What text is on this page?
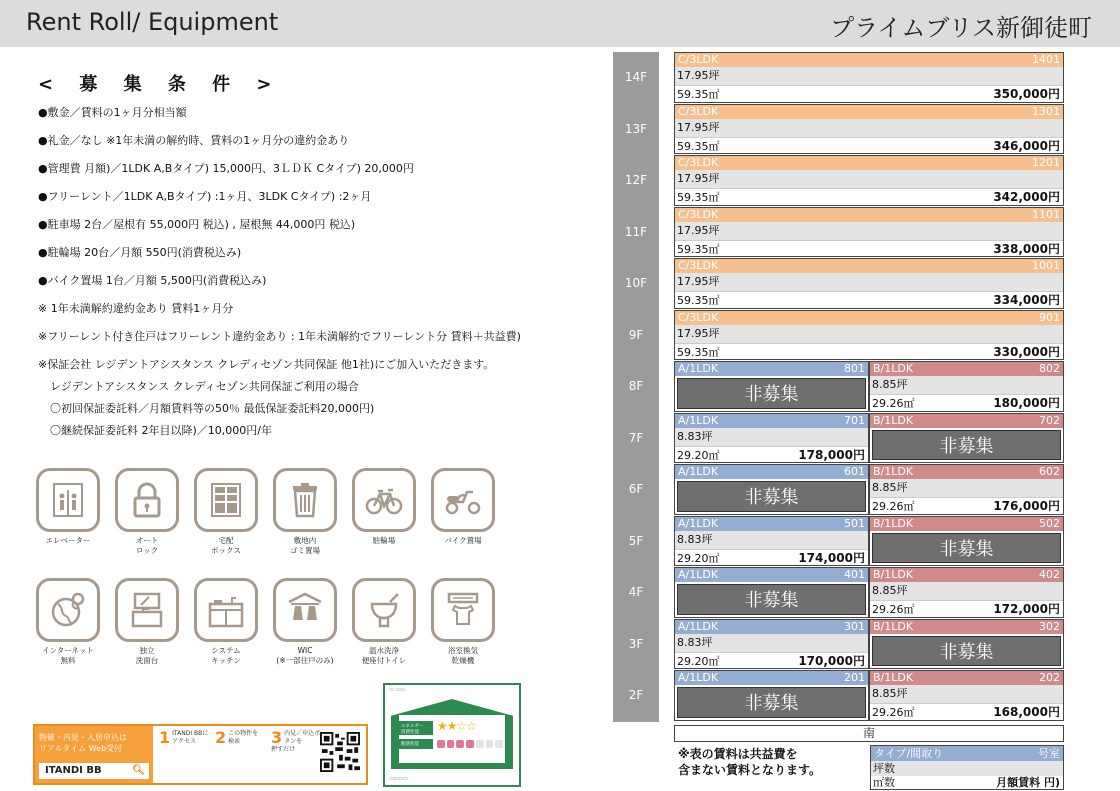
Rent Roll/ Equipment	プライムブリス新御徒町
< 募 集 条 件 >
●敷金／賃料の1ヶ月分相当額
●礼金／なし ※1年未満の解約時、賃料の1ヶ月分の違約金あり
●管理費 月額)／1LDK A,Bタイプ) 15,000円、3ＬＤＫ Cタイプ) 20,000円
●フリーレント／1LDK A,Bタイプ) :1ヶ月、3LDK Cタイプ) :2ヶ月
●駐車場 2台／屋根有 55,000円 税込) , 屋根無 44,000円 税込)
●駐輪場 20台／月額 550円(消費税込み)
●バイク置場 1台／月額 5,500円(消費税込み)
※ 1年未満解約違約金あり 賃料1ヶ月分
※フリーレント付き住戸はフリーレント違約金あり : 1年未満解約でフリーレント分 賃料＋共益費)
※保証会社 レジデントアシスタンス クレディセゾン共同保証 他1社)にご加入いただきます。
レジデントアシスタンス クレディセゾン共同保証ご利用の場合
〇初回保証委託料／月額賃料等の50％ 最低保証委託料20,000円)
〇継続保証委託料 2年目以降)／10,000円/年
エレベーター	オート
ロック
宅配
ボックス
敷地内
ゴミ置場
駐輪場	バイク置場
インターネット
無料
独立
洗面台
システム
キッチン
WIC
(※一部住戸のみ)
温水洗浄
便座付トイレ
浴室換気
乾燥機
物確・内見・入居申込は
リアルタイム Web受付
ITANDI BB	🔍︎
1 ITANDI BBに
アクセス	2 この物件を
検索	3 内見／申込ボタンを
押すだけ
▭ ▭▭
エネルギー
消費性能	★★☆☆
断熱性能
▭▭▭▭
14F
13F
12F
11F
10F
9F
8F
7F
6F
5F
4F
3F
2F
C/3LDK	1401
17.95坪
59.35㎡	350,000円
C/3LDK	1301
17.95坪
59.35㎡	346,000円
C/3LDK	1201
17.95坪
59.35㎡	342,000円
C/3LDK	1101
17.95坪
59.35㎡	338,000円
C/3LDK	1001
17.95坪
59.35㎡	334,000円
C/3LDK	901
17.95坪
59.35㎡	330,000円
A/1LDK	801
非募集
B/1LDK	802
8.85坪
29.26㎡	180,000円
A/1LDK	701
8.83坪
29.20㎡	178,000円
B/1LDK	702
非募集
A/1LDK	601
非募集
B/1LDK	602
8.85坪
29.26㎡	176,000円
A/1LDK	501
8.83坪
29.20㎡	174,000円
B/1LDK	502
非募集
A/1LDK	401
非募集
B/1LDK	402
8.85坪
29.26㎡	172,000円
A/1LDK	301
8.83坪
29.20㎡	170,000円
B/1LDK	302
非募集
A/1LDK	201
非募集
B/1LDK	202
8.85坪
29.26㎡	168,000円
南
※表の賃料は共益費を
含まない賃料となります。
タイプ/間取り	号室
坪数
㎡数	月額賃料 円)
